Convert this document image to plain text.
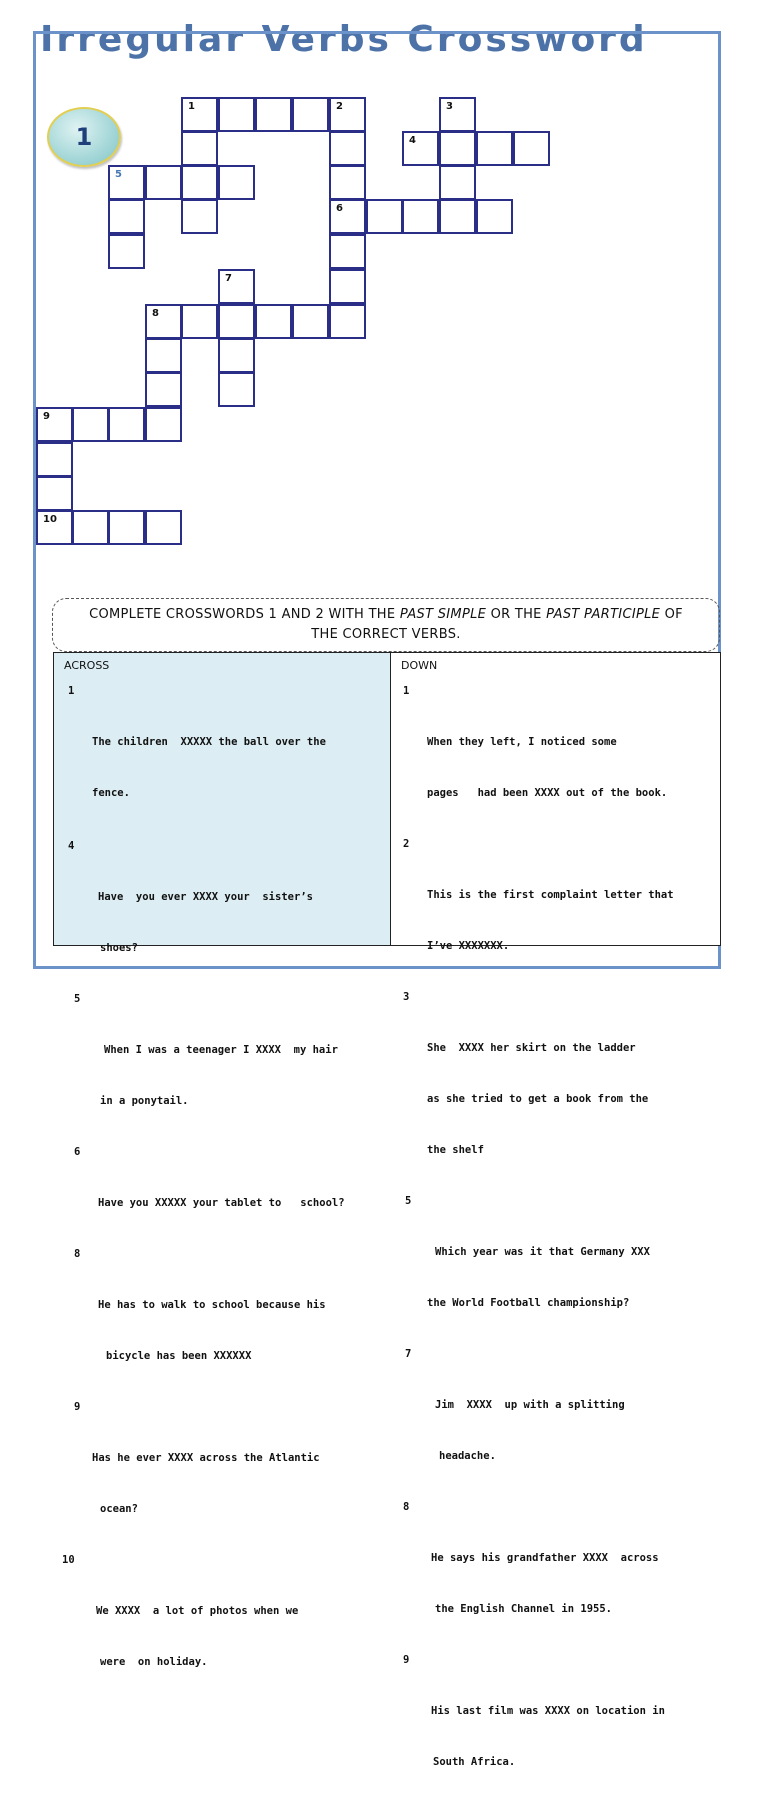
Irregular Verbs Crossword
1
1	2
6
3
4
5
7
8
9
10
COMPLETE CROSSWORDS 1 AND 2 WITH THE PAST SIMPLE OR THE PAST PARTICIPLE OF THE CORRECT VERBS.
ACROSS

1

The children  XXXXX the ball over the

fence.

4

Have  you ever XXXX your  sister’s

shoes?

5

When I was a teenager I XXXX  my hair

in a ponytail.

6

Have you XXXXX your tablet to   school?

8

He has to walk to school because his

bicycle has been XXXXXX

9

Has he ever XXXX across the Atlantic

ocean?

10

We XXXX  a lot of photos when we

were  on holiday.

DOWN

1

When they left, I noticed some

pages   had been XXXX out of the book.

2

This is the first complaint letter that

I’ve XXXXXXX.

3

She  XXXX her skirt on the ladder

as she tried to get a book from the

the shelf

5

Which year was it that Germany XXX

the World Football championship?

7

Jim  XXXX  up with a splitting

headache.

8

He says his grandfather XXXX  across

the English Channel in 1955.

9

His last film was XXXX on location in

South Africa.
